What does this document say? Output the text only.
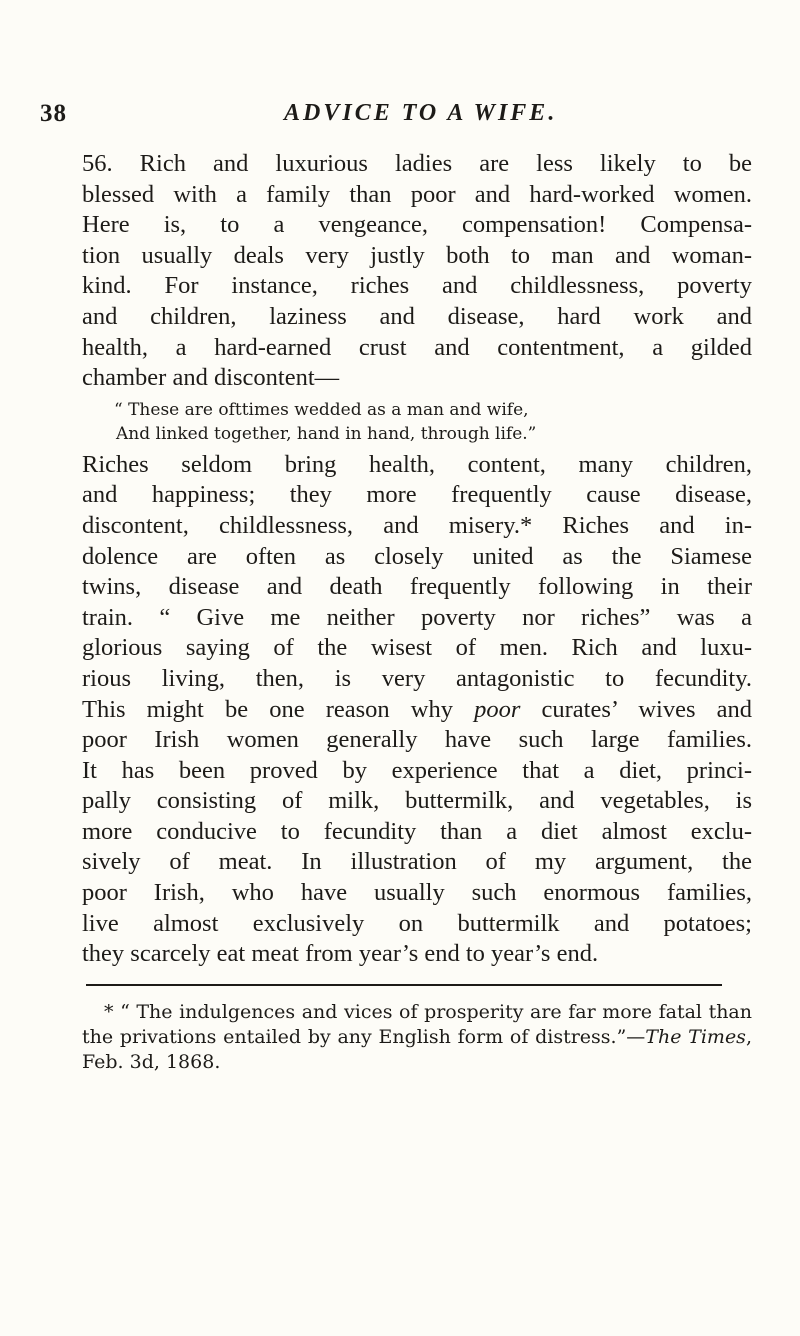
38	ADVICE TO A WIFE.
56. Rich and luxurious ladies are less likely to be
blessed with a family than poor and hard-worked women.
Here is, to a vengeance, compensation! Compensa-
tion usually deals very justly both to man and woman-
kind. For instance, riches and childlessness, poverty
and children, laziness and disease, hard work and
health, a hard-earned crust and contentment, a gilded
chamber and discontent—
“ These are ofttimes wedded as a man and wife,
And linked together, hand in hand, through life.”
Riches seldom bring health, content, many children,
and happiness; they more frequently cause disease,
discontent, childlessness, and misery.* Riches and in-
dolence are often as closely united as the Siamese
twins, disease and death frequently following in their
train. “ Give me neither poverty nor riches” was a
glorious saying of the wisest of men. Rich and luxu-
rious living, then, is very antagonistic to fecundity.
This might be one reason why poor curates’ wives and
poor Irish women generally have such large families.
It has been proved by experience that a diet, princi-
pally consisting of milk, buttermilk, and vegetables, is
more conducive to fecundity than a diet almost exclu-
sively of meat. In illustration of my argument, the
poor Irish, who have usually such enormous families,
live almost exclusively on buttermilk and potatoes;
they scarcely eat meat from year’s end to year’s end.

* “ The indulgences and vices of prosperity are far more fatal than the privations entailed by any English form of distress.”—The Times, Feb. 3d, 1868.
